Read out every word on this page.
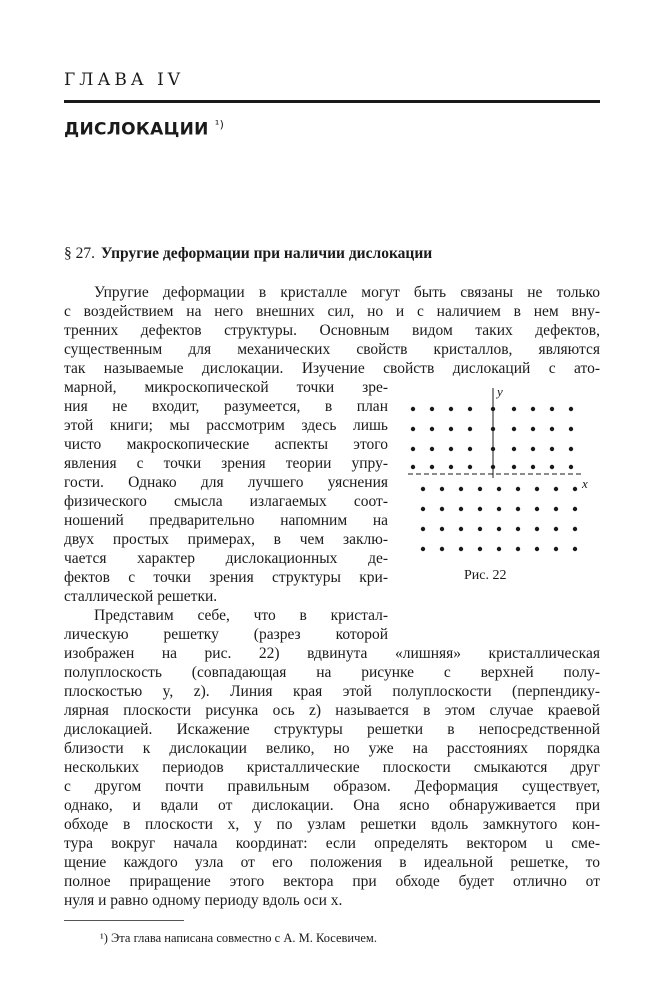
ГЛАВА IV
ДИСЛОКАЦИИ $^{^1)}$
§ 27. Упругие деформации при наличии дислокации
Упругие деформации в кристалле могут быть связаны не только
с воздействием на него внешних сил, но и с наличием в нем вну-
тренних дефектов структуры. Основным видом таких дефектов,
существенным для механических свойств кристаллов, являются
так называемые дислокации. Изучение свойств дислокаций с ато-
марной, микроскопической точки зре-
ния не входит, разумеется, в план
этой книги; мы рассмотрим здесь лишь
чисто макроскопические аспекты этого
явления с точки зрения теории упру-
гости. Однако для лучшего уяснения
физического смысла излагаемых соот-
ношений предварительно напомним на
двух простых примерах, в чем заклю-
чается характер дислокационных де-
фектов с точки зрения структуры кри-
сталлической решетки.
Представим себе, что в кристал-
лическую решетку (разрез которой
изображен на рис. 22) вдвинута «лишняя» кристаллическая
полуплоскость (совпадающая на рисунке с верхней полу-
плоскостью y, z). Линия края этой полуплоскости (перпендику-
лярная плоскости рисунка ось z) называется в этом случае краевой
дислокацией. Искажение структуры решетки в непосредственной
близости к дислокации велико, но уже на расстояниях порядка
нескольких периодов кристаллические плоскости смыкаются друг
с другом почти правильным образом. Деформация существует,
однако, и вдали от дислокации. Она ясно обнаруживается при
обходе в плоскости x, y по узлам решетки вдоль замкнутого кон-
тура вокруг начала координат: если определять вектором u сме-
щение каждого узла от его положения в идеальной решетке, то
полное приращение этого вектора при обходе будет отлично от
нуля и равно одному периоду вдоль оси x.
y
x
Рис. 22
¹) Эта глава написана совместно с А. М. Косевичем.
